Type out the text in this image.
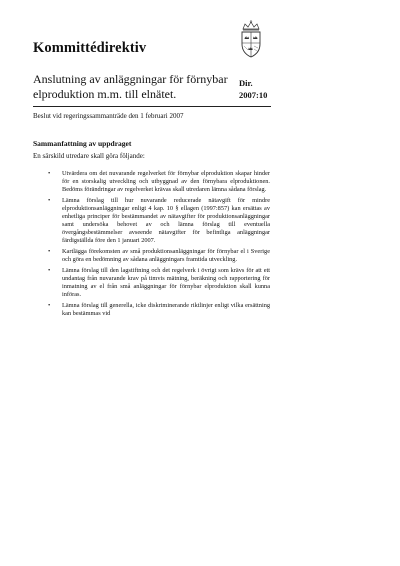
Kommittédirektiv
Anslutning av anläggningar för förnybar
elproduktion m.m. till elnätet.
Dir.
2007:10
Beslut vid regeringssammanträde den 1 februari 2007
Sammanfattning av uppdraget
En särskild utredare skall göra följande:
• Utvärdera om det nuvarande regelverket för förnybar elproduktion skapar hinder för en storskalig utveckling och utbyggnad av den förnybara elproduktionen. Bedöms förändringar av regelverket krävas skall utredaren lämna sådana förslag.
• Lämna förslag till hur nuvarande reducerade nätavgift för mindre elproduktionsanläggningar enligt 4 kap. 10 § ellagen (1997:857) kan ersättas av enhetliga principer för bestämmandet av nätavgifter för produktionsanläggningar samt undersöka behovet av och lämna förslag till eventuella övergångsbestämmelser avseende nätavgifter för befintliga anläggningar färdigställda före den 1 januari 2007.
• Kartlägga förekomsten av små produktionsanläggningar för förnybar el i Sverige och göra en bedömning av sådana anläggningars framtida utveckling.
• Lämna förslag till den lagstiftning och det regelverk i övrigt som krävs för att ett undantag från nuvarande krav på timvis mätning, beräkning och rapportering för inmatning av el från små anläggningar för förnybar elproduktion skall kunna införas.
• Lämna förslag till generella, icke diskriminerande riktlinjer enligt vilka ersättning kan bestämmas vid
